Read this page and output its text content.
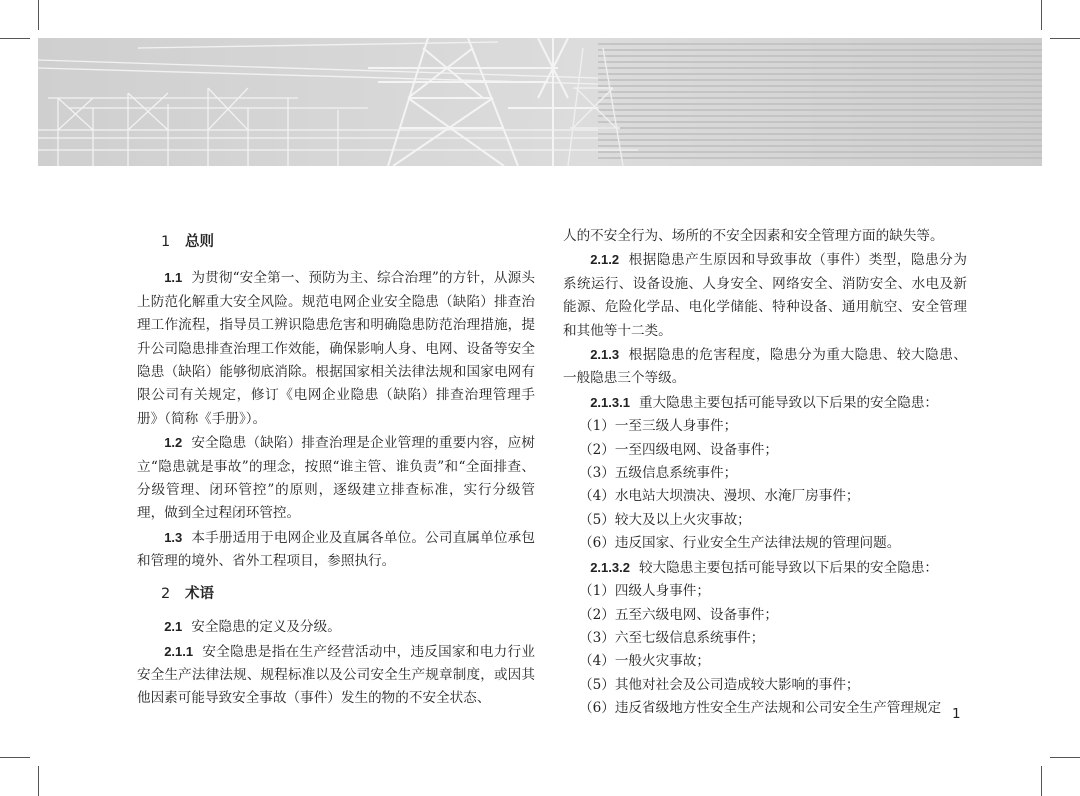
1 总则

1.1 为贯彻“安全第一、预防为主、综合治理”的方针，从源头上防范化解重大安全风险。规范电网企业安全隐患（缺陷）排查治理工作流程，指导员工辨识隐患危害和明确隐患防范治理措施，提升公司隐患排查治理工作效能，确保影响人身、电网、设备等安全隐患（缺陷）能够彻底消除。根据国家相关法律法规和国家电网有限公司有关规定，修订《电网企业隐患（缺陷）排查治理管理手册》（简称《手册》）。

1.2 安全隐患（缺陷）排查治理是企业管理的重要内容，应树立“隐患就是事故”的理念，按照“谁主管、谁负责”和“全面排查、分级管理、闭环管控”的原则，逐级建立排查标准，实行分级管理，做到全过程闭环管控。

1.3 本手册适用于电网企业及直属各单位。公司直属单位承包和管理的境外、省外工程项目，参照执行。

2 术语

2.1 安全隐患的定义及分级。

2.1.1 安全隐患是指在生产经营活动中，违反国家和电力行业安全生产法律法规、规程标准以及公司安全生产规章制度，或因其他因素可能导致安全事故（事件）发生的物的不安全状态、

人的不安全行为、场所的不安全因素和安全管理方面的缺失等。

2.1.2 根据隐患产生原因和导致事故（事件）类型，隐患分为系统运行、设备设施、人身安全、网络安全、消防安全、水电及新能源、危险化学品、电化学储能、特种设备、通用航空、安全管理和其他等十二类。

2.1.3 根据隐患的危害程度，隐患分为重大隐患、较大隐患、一般隐患三个等级。

2.1.3.1 重大隐患主要包括可能导致以下后果的安全隐患：

（1）一至三级人身事件；

（2）一至四级电网、设备事件；

（3）五级信息系统事件；

（4）水电站大坝溃决、漫坝、水淹厂房事件；

（5）较大及以上火灾事故；

（6）违反国家、行业安全生产法律法规的管理问题。

2.1.3.2 较大隐患主要包括可能导致以下后果的安全隐患：

（1）四级人身事件；

（2）五至六级电网、设备事件；

（3）六至七级信息系统事件；

（4）一般火灾事故；

（5）其他对社会及公司造成较大影响的事件；

（6）违反省级地方性安全生产法规和公司安全生产管理规定 1
